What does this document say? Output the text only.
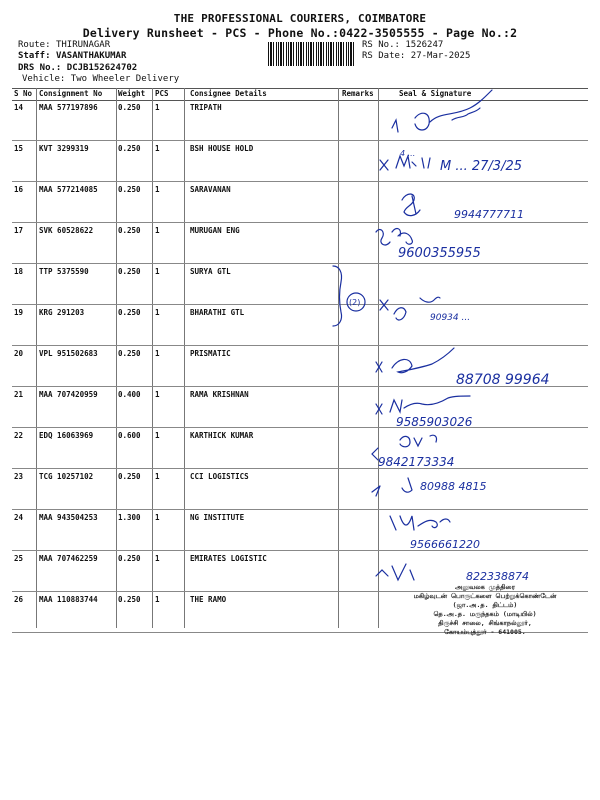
THE PROFESSIONAL COURIERS, COIMBATORE
Delivery Runsheet - PCS - Phone No.:0422-3505555 - Page No.:2
Route: THIRUNAGAR
Staff: VASANTHAKUMAR
DRS No.: DCJB152624702
Vehicle: Two Wheeler Delivery
RS No.: 1526247
RS Date: 27-Mar-2025
S No Consignment No Weight PCS	Consignee Details	Remarks	Seal & Signature
14 MAA 577197896	0.250 1	TRIPATH
15 KVT 3299319	0.250 1	BSH HOUSE HOLD
16 MAA 577214085	0.250 1	SARAVANAN
17 SVK 60528622	0.250 1	MURUGAN ENG
18 TTP 5375590	0.250 1	SURYA GTL
19 KRG 291203	0.250 1	BHARATHI GTL
20 VPL 951502683	0.250 1	PRISMATIC
21 MAA 707420959	0.400 1	RAMA KRISHNAN
22 EDQ 16063969	0.600 1	KARTHICK KUMAR
23 TCG 10257102	0.250 1	CCI LOGISTICS
24 MAA 943504253	1.300 1	NG INSTITUTE
25 MAA 707462259	0.250 1	EMIRATES LOGISTIC
26 MAA 110883744	0.250 1	THE RAMO
4 ...
M ... 27/3/25
9944777711
9600355955
(2)
90934 ...
88708 99964
9585903026
9842173334
80988 4815
9566661220
822338874
அலுவலக முத்திரை
மகிழ்வுடன் பொருட்களை பெற்றுக்கொண்டேன்
(ஜா.அ.த. திட்டம்)
தெ.அ.த. மருந்தகம் (மாடியில்)
திருச்சி சாலை, சிங்காநல்லூர்,
கோயம்புத்தூர் - 641005.
